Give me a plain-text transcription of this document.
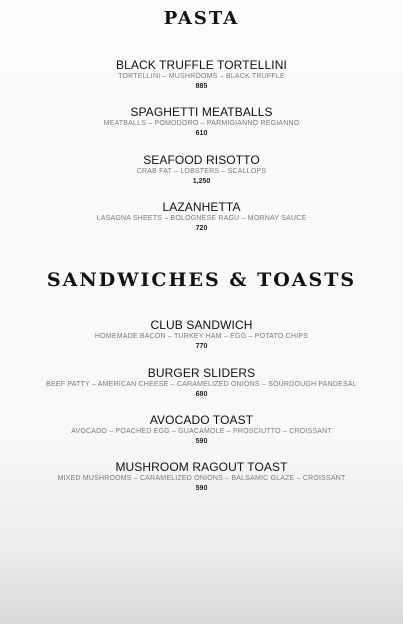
PASTA
BLACK TRUFFLE TORTELLINI
TORTELLINI – MUSHROOMS – BLACK TRUFFLE
885
SPAGHETTI MEATBALLS
MEATBALLS – POMODORO – PARMIGIANNO REGIANNO
610
SEAFOOD RISOTTO
CRAB FAT – LOBSTERS – SCALLOPS
1,250
LAZANHETTA
LASAGNA SHEETS – BOLOGNESE RAGU – MORNAY SAUCE
720
SANDWICHES & TOASTS
CLUB SANDWICH
HOMEMADE BACON – TURKEY HAM – EGG – POTATO CHIPS
770
BURGER SLIDERS
BEEF PATTY – AMERICAN CHEESE – CARAMELIZED ONIONS – SOURDOUGH PANDESAL
680
AVOCADO TOAST
AVOCADO – POACHED EGG – GUACAMOLE – PROSCIUTTO – CROISSANT
590
MUSHROOM RAGOUT TOAST
MIXED MUSHROOMS – CARAMELIZED ONIONS – BALSAMIC GLAZE – CROISSANT
590
